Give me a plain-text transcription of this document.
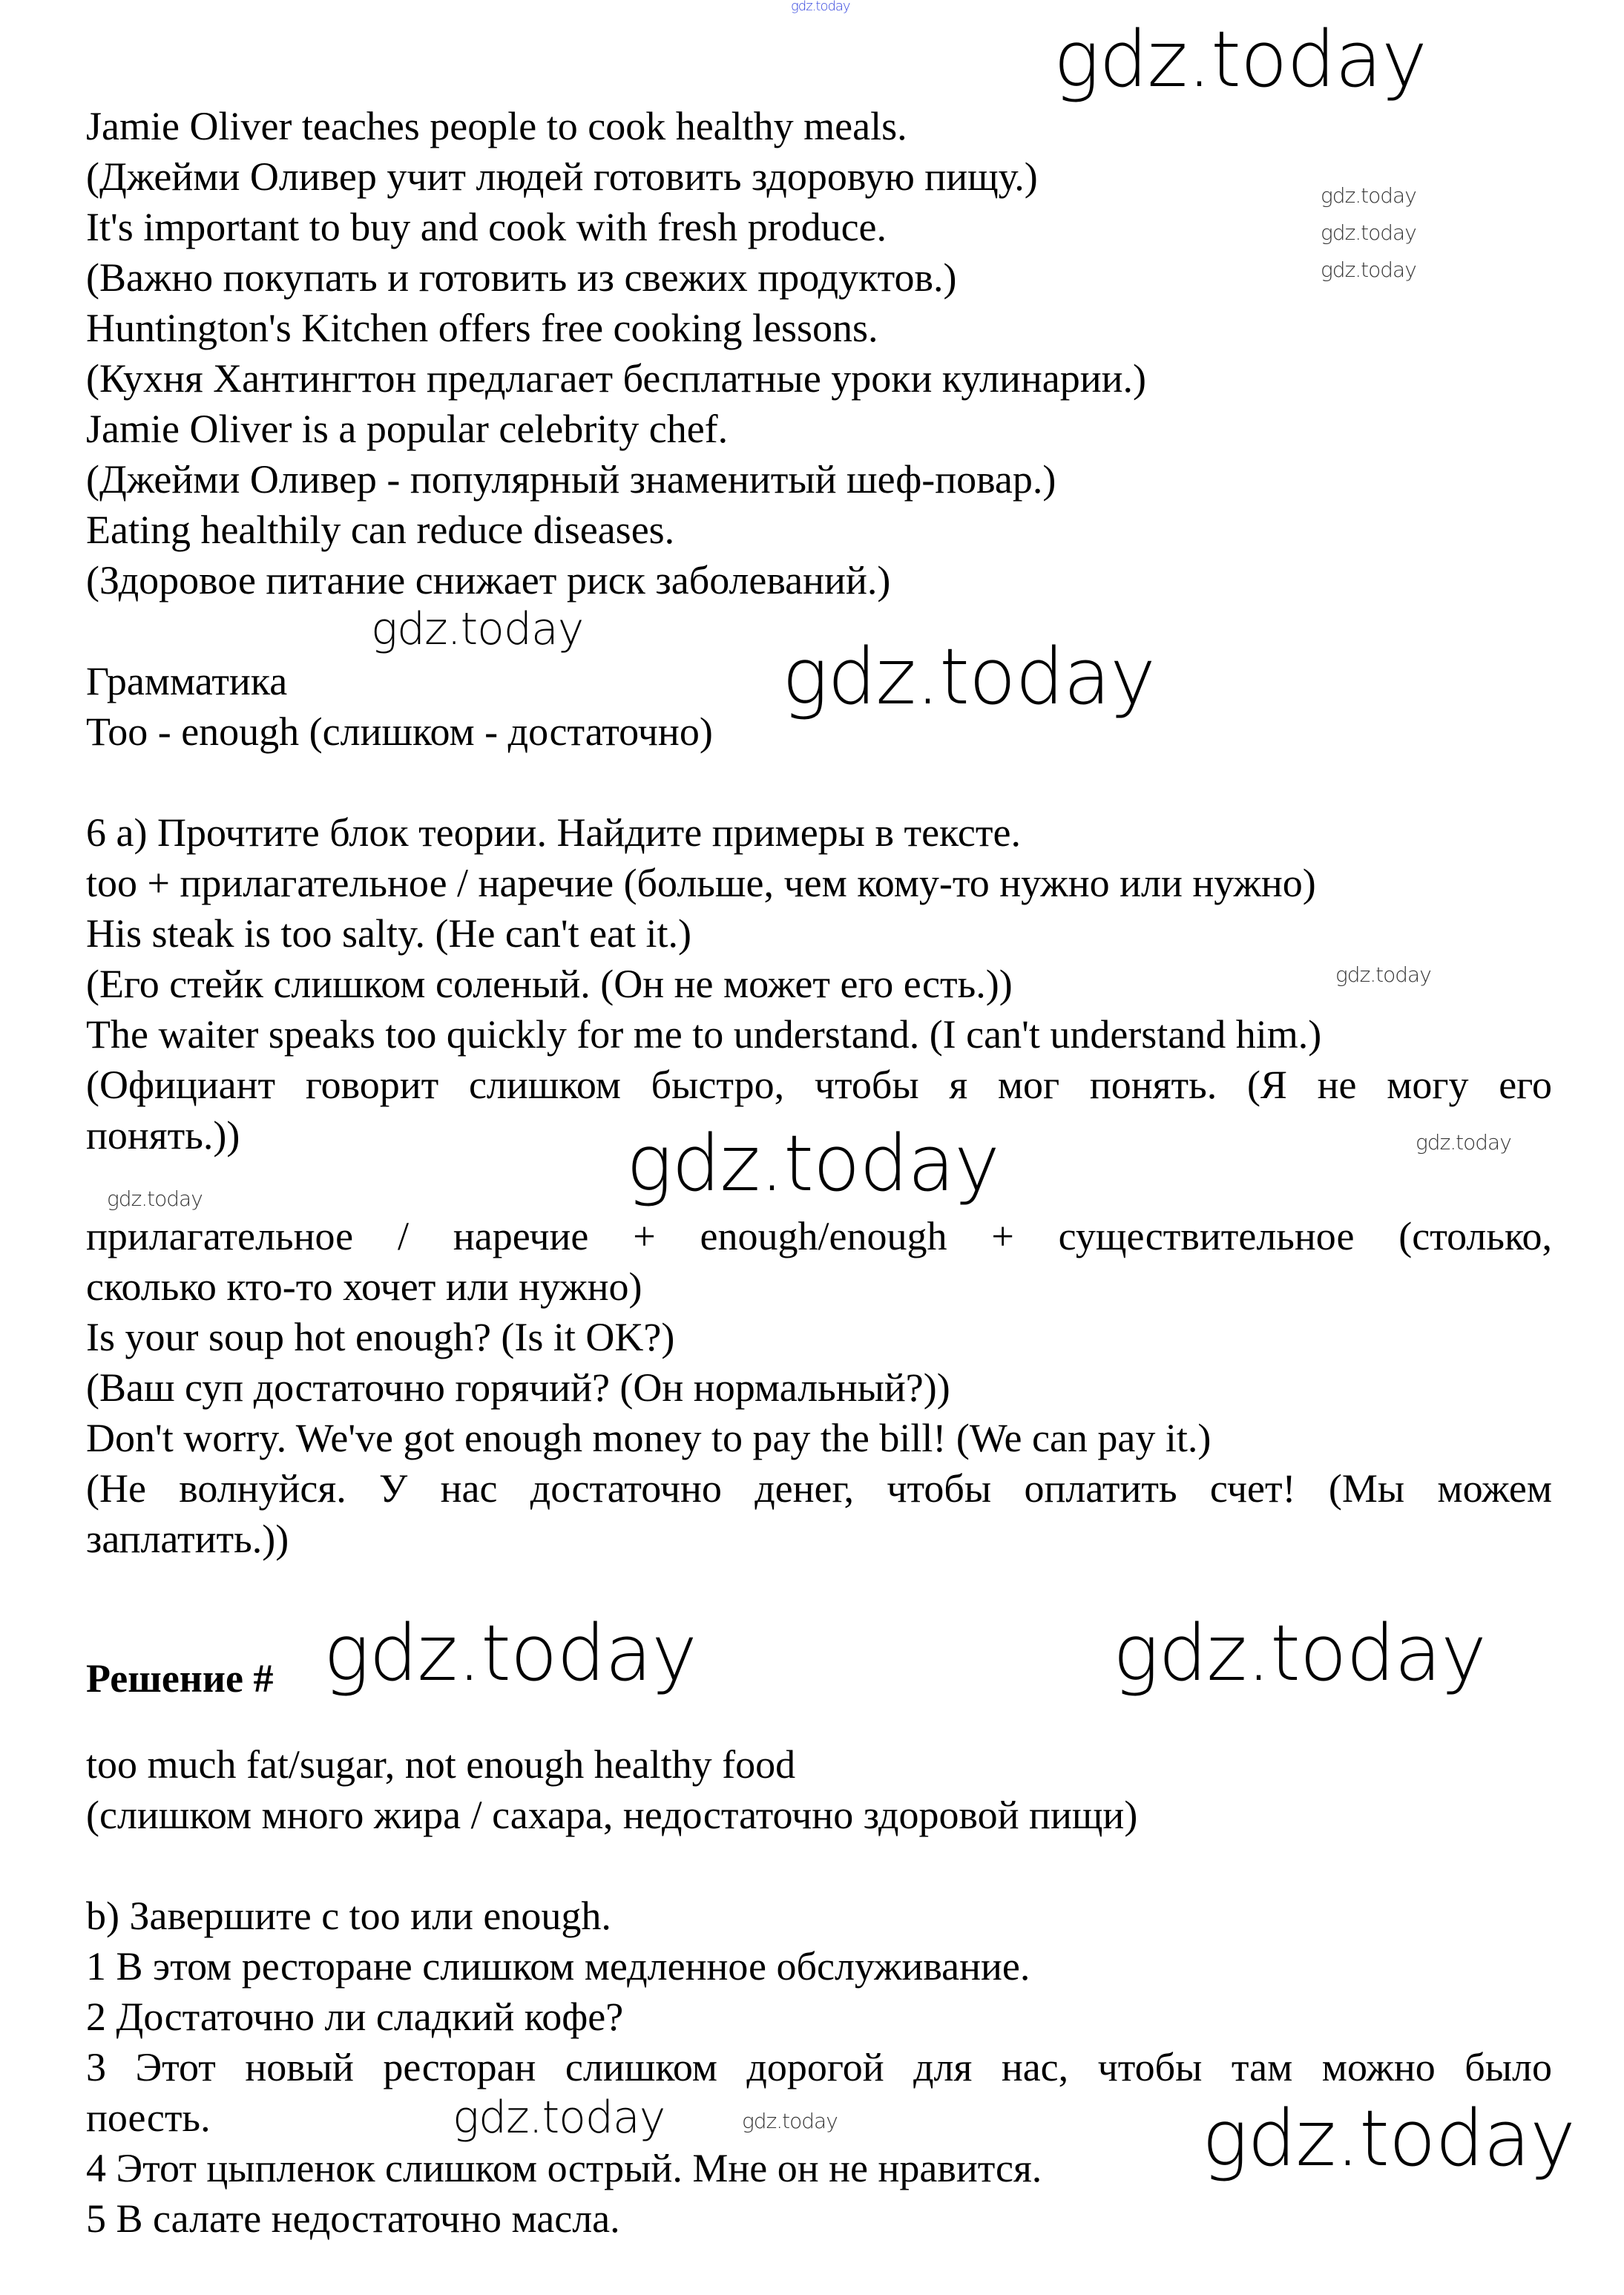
Jamie Oliver teaches people to cook healthy meals.
(Джейми Оливер учит людей готовить здоровую пищу.)
It's important to buy and cook with fresh produce.
(Важно покупать и готовить из свежих продуктов.)
Huntington's Kitchen offers free cooking lessons.
(Кухня Хантингтон предлагает бесплатные уроки кулинарии.)
Jamie Oliver is a popular celebrity chef.
(Джейми Оливер - популярный знаменитый шеф-повар.)
Eating healthily can reduce diseases.
(Здоровое питание снижает риск заболеваний.)
Грамматика
Too - enough (слишком - достаточно)
6 a) Прочтите блок теории. Найдите примеры в тексте.
too + прилагательное / наречие (больше, чем кому-то нужно или нужно)
His steak is too salty. (He can't eat it.)
(Его стейк слишком соленый. (Он не может его есть.))
The waiter speaks too quickly for me to understand. (I can't understand him.)
(Официант говорит слишком быстро, чтобы я мог понять. (Я не могу его
понять.))
прилагательное / наречие + enough/enough + существительное (столько,
сколько кто-то хочет или нужно)
Is your soup hot enough? (Is it OK?)
(Ваш суп достаточно горячий? (Он нормальный?))
Don't worry. We've got enough money to pay the bill! (We can pay it.)
(Не волнуйся. У нас достаточно денег, чтобы оплатить счет! (Мы можем
заплатить.))
Решение #
too much fat/sugar, not enough healthy food
(слишком много жира / сахара, недостаточно здоровой пищи)
b) Завершите с too или enough.
1 В этом ресторане слишком медленное обслуживание.
2 Достаточно ли сладкий кофе?
3 Этот новый ресторан слишком дорогой для нас, чтобы там можно было
поесть.
4 Этот цыпленок слишком острый. Мне он не нравится.
5 В салате недостаточно масла.
gdz.today
gdz.today
gdz.today
gdz.today
gdz.today	gdz.today
gdz.today
gdz.today
gdz.today
gdz.today
gdz.today
gdz.today
gdz.today
gdz.today
gdz.today
gdz.today
